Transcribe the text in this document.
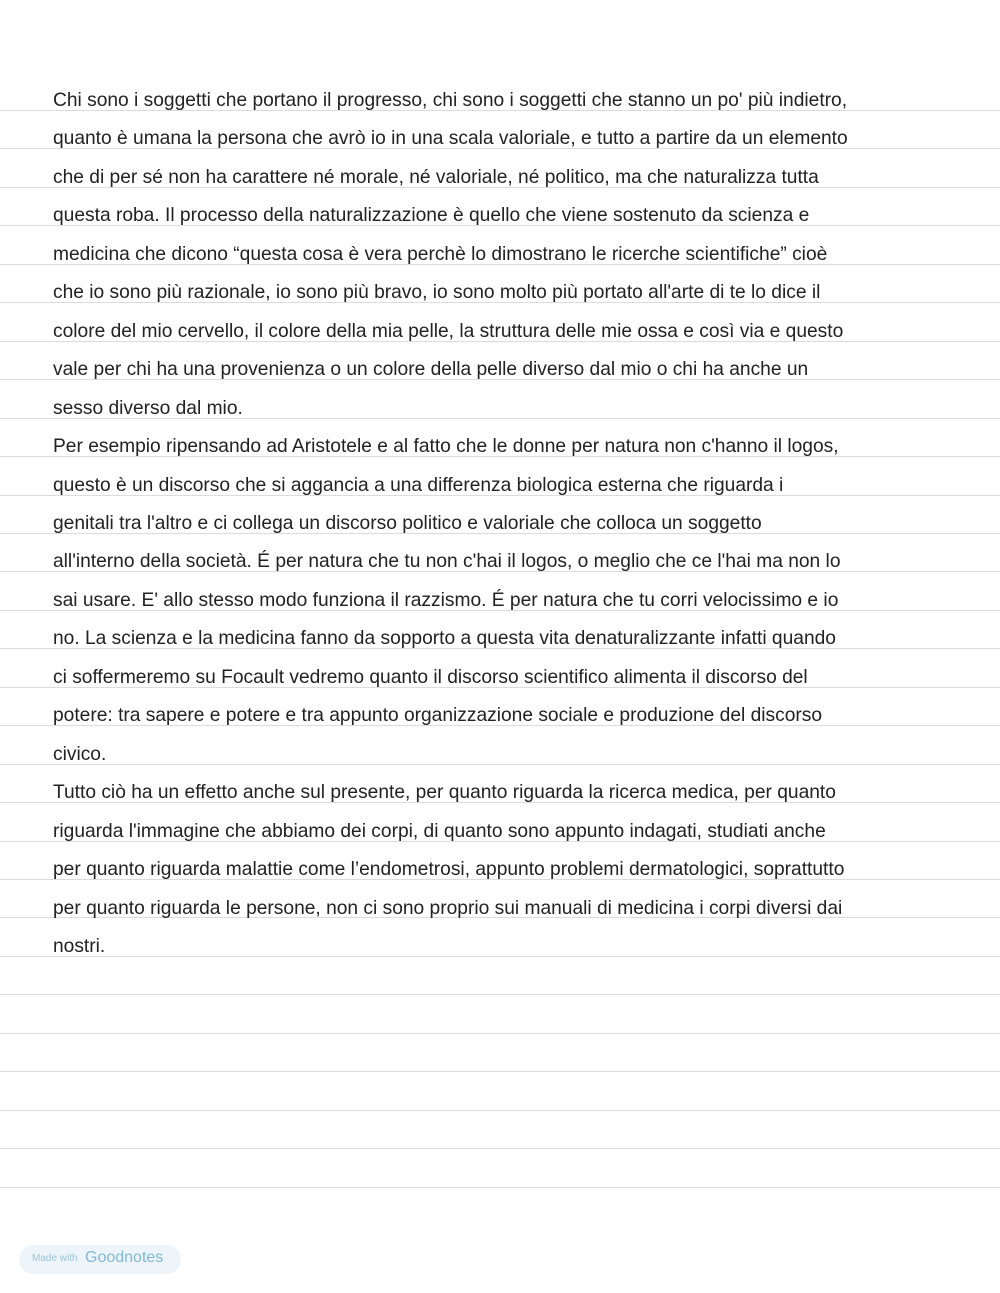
Chi sono i soggetti che portano il progresso, chi sono i soggetti che stanno un po' più indietro,
quanto è umana la persona che avrò io in una scala valoriale, e tutto a partire da un elemento
che di per sé non ha carattere né morale, né valoriale, né politico, ma che naturalizza tutta
questa roba. Il processo della naturalizzazione è quello che viene sostenuto da scienza e
medicina che dicono “questa cosa è vera perchè lo dimostrano le ricerche scientifiche” cioè
che io sono più razionale, io sono più bravo, io sono molto più portato all'arte di te lo dice il
colore del mio cervello, il colore della mia pelle, la struttura delle mie ossa e così via e questo
vale per chi ha una provenienza o un colore della pelle diverso dal mio o chi ha anche un
sesso diverso dal mio.
Per esempio ripensando ad Aristotele e al fatto che le donne per natura non c'hanno il logos,
questo è un discorso che si aggancia a una differenza biologica esterna che riguarda i
genitali tra l'altro e ci collega un discorso politico e valoriale che colloca un soggetto
all'interno della società. É per natura che tu non c'hai il logos, o meglio che ce l'hai ma non lo
sai usare. E' allo stesso modo funziona il razzismo. É per natura che tu corri velocissimo e io
no. La scienza e la medicina fanno da sopporto a questa vita denaturalizzante infatti quando
ci soffermeremo su Focault vedremo quanto il discorso scientifico alimenta il discorso del
potere: tra sapere e potere e tra appunto organizzazione sociale e produzione del discorso
civico.
Tutto ciò ha un effetto anche sul presente, per quanto riguarda la ricerca medica, per quanto
riguarda l'immagine che abbiamo dei corpi, di quanto sono appunto indagati, studiati anche
per quanto riguarda malattie come l’endometrosi, appunto problemi dermatologici, soprattutto
per quanto riguarda le persone, non ci sono proprio sui manuali di medicina i corpi diversi dai
nostri.
Made with Goodnotes
